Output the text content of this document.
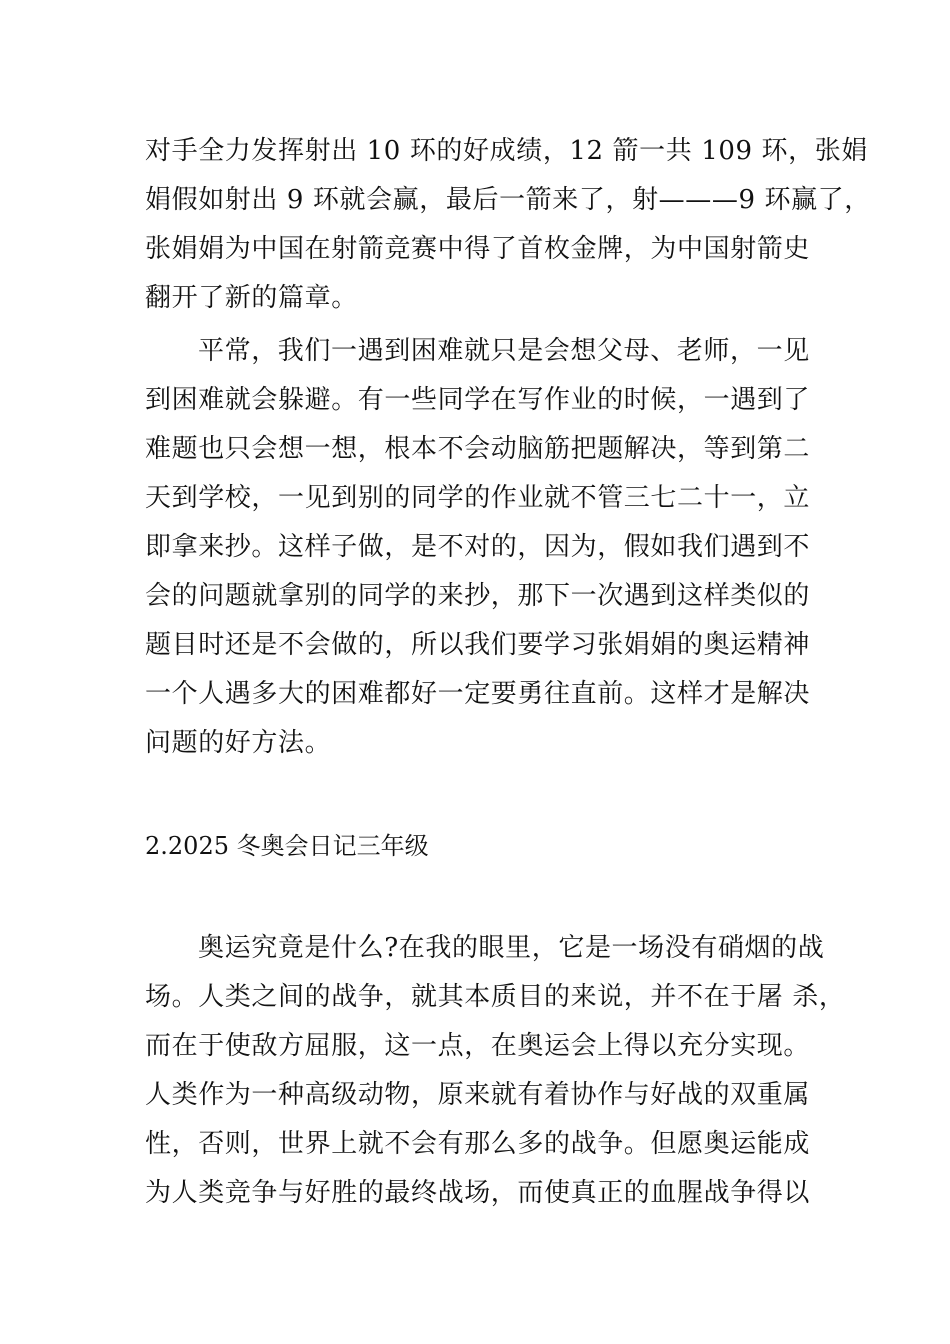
对手全力发挥射出 10 环的好成绩，12 箭一共 109 环，张娟
娟假如射出 9 环就会赢，最后一箭来了，射———9 环赢了，
张娟娟为中国在射箭竞赛中得了首枚金牌，为中国射箭史
翻开了新的篇章。
平常，我们一遇到困难就只是会想父母、老师，一见
到困难就会躲避。有一些同学在写作业的时候，一遇到了
难题也只会想一想，根本不会动脑筋把题解决，等到第二
天到学校，一见到别的同学的作业就不管三七二十一，立
即拿来抄。这样子做，是不对的，因为，假如我们遇到不
会的问题就拿别的同学的来抄，那下一次遇到这样类似的
题目时还是不会做的，所以我们要学习张娟娟的奥运精神
一个人遇多大的困难都好一定要勇往直前。这样才是解决
问题的好方法。
2.2025 冬奥会日记三年级
奥运究竟是什么?在我的眼里，它是一场没有硝烟的战
场。人类之间的战争，就其本质目的来说，并不在于屠 杀，
而在于使敌方屈服，这一点，在奥运会上得以充分实现。
人类作为一种高级动物，原来就有着协作与好战的双重属
性，否则，世界上就不会有那么多的战争。但愿奥运能成
为人类竞争与好胜的最终战场，而使真正的血腥战争得以
